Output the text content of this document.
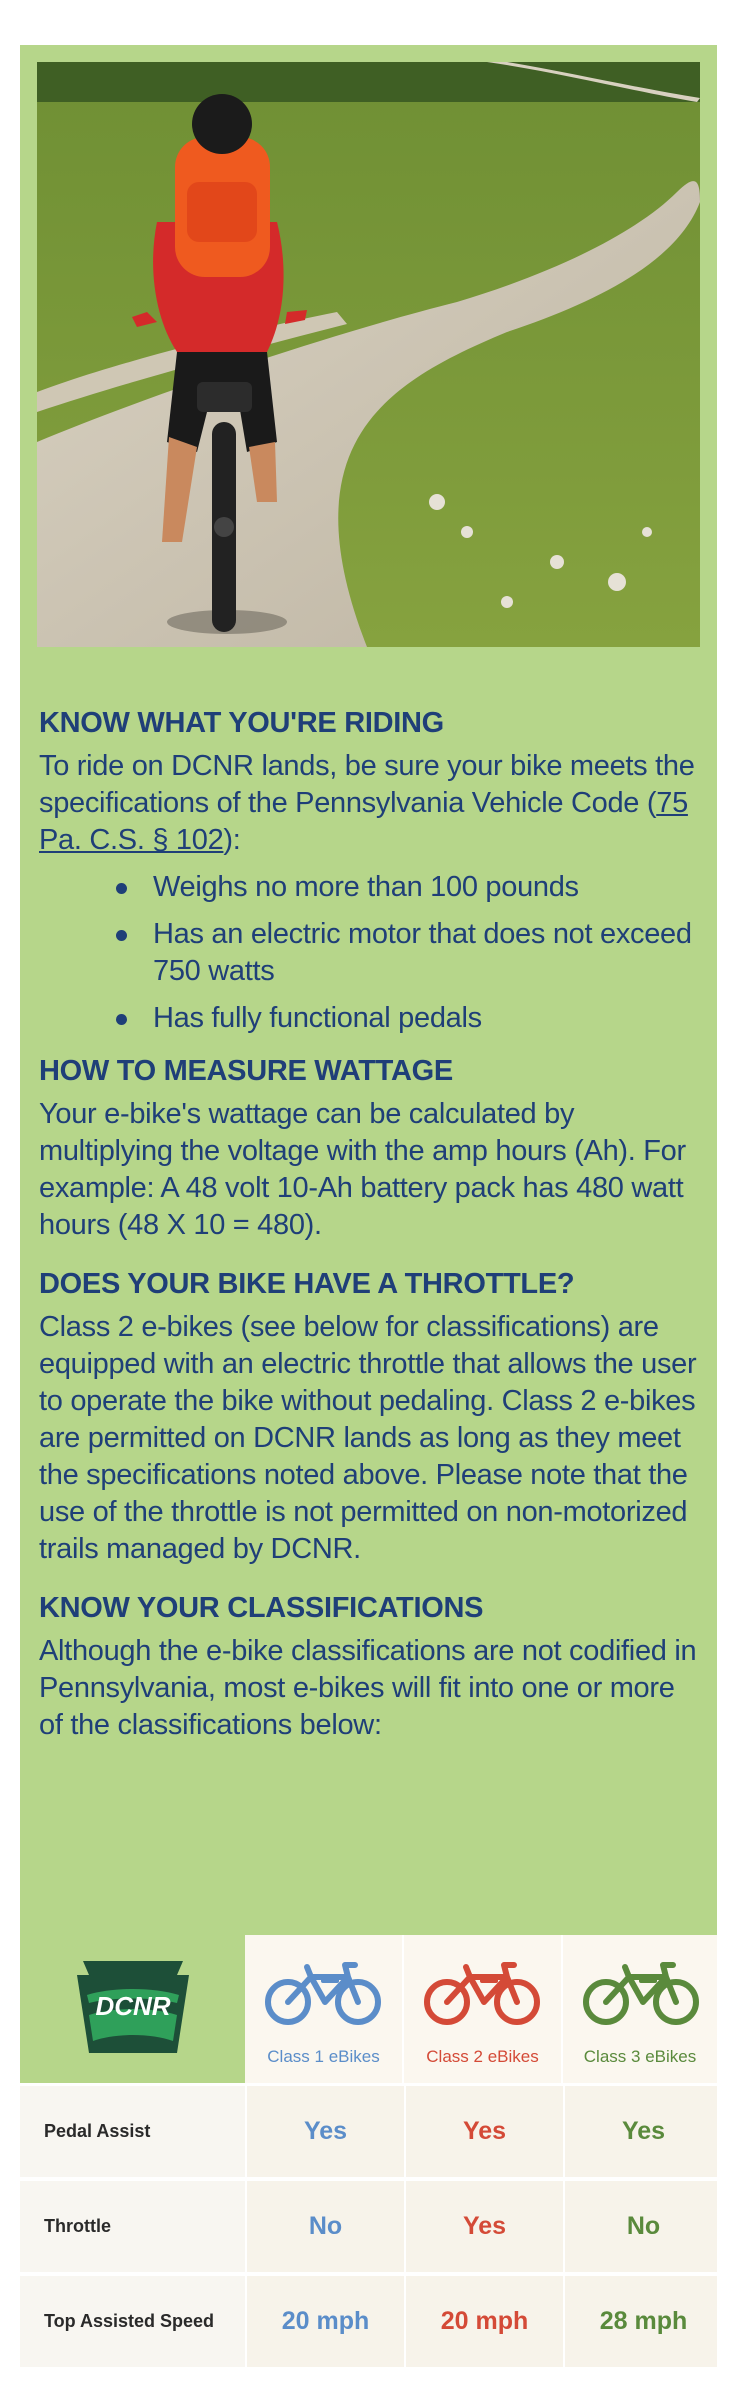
KNOW WHAT YOU'RE RIDING

To ride on DCNR lands, be sure your bike meets the specifications of the Pennsylvania Vehicle Code (75 Pa. C.S. § 102):

Weighs no more than 100 pounds
Has an electric motor that does not exceed 750 watts
Has fully functional pedals
HOW TO MEASURE WATTAGE

Your e-bike's wattage can be calculated by multiplying the voltage with the amp hours (Ah). For example: A 48 volt 10-Ah battery pack has 480 watt hours (48 X 10 = 480).

DOES YOUR BIKE HAVE A THROTTLE?

Class 2 e-bikes (see below for classifications) are equipped with an electric throttle that allows the user to operate the bike without pedaling. Class 2 e-bikes are permitted on DCNR lands as long as they meet the specifications noted above. Please note that the use of the throttle is not permitted on non-motorized trails managed by DCNR.

KNOW YOUR CLASSIFICATIONS

Although the e-bike classifications are not codified in Pennsylvania, most e-bikes will fit into one or more of the classifications below:

DCNR
Class 1 eBikes	Class 2 eBikes	Class 3 eBikes
Pedal Assist	Yes	Yes	Yes
Throttle	No	Yes	No
Top Assisted Speed	20 mph	20 mph	28 mph
